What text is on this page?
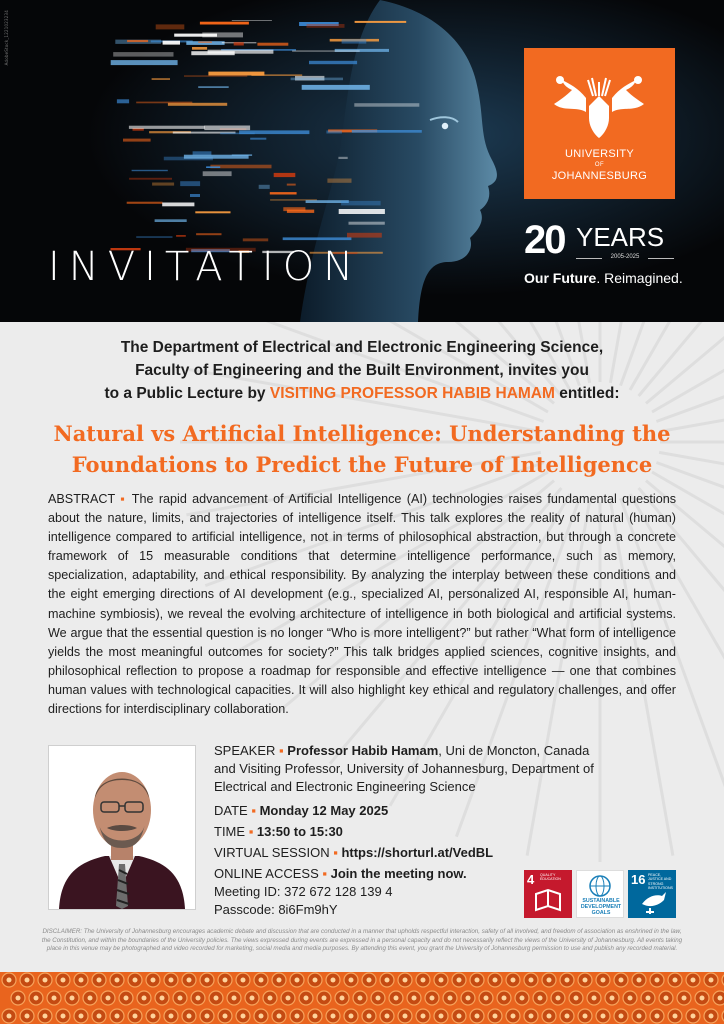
AdobeStock_1221023234
INVITATION
UNIVERSITY
OF
JOHANNESBURG
20 YEARS
2005-2025
Our Future. Reimagined.
The Department of Electrical and Electronic Engineering Science,
Faculty of Engineering and the Built Environment, invites you
to a Public Lecture by VISITING PROFESSOR HABIB HAMAM entitled:
Natural vs Artificial Intelligence: Understanding the
Foundations to Predict the Future of Intelligence
ABSTRACT ▪ The rapid advancement of Artificial Intelligence (AI) technologies raises fundamental questions about the nature, limits, and trajectories of intelligence itself. This talk explores the reality of natural (human) intelligence compared to artificial intelligence, not in terms of philosophical abstraction, but through a concrete framework of 15 measurable conditions that determine intelligence performance, such as memory, specialization, adaptability, and ethical responsibility. By analyzing the interplay between these conditions and the eight emerging directions of AI development (e.g., specialized AI, personalized AI, responsible AI, human-machine symbiosis), we reveal the evolving architecture of intelligence in both biological and artificial systems. We argue that the essential question is no longer “Who is more intelligent?” but rather “What form of intelligence yields the most meaningful outcomes for society?” This talk bridges applied sciences, cognitive insights, and philosophical reflection to propose a roadmap for responsible and effective intelligence — one that combines human values with technological capacities. It will also highlight key ethical and regulatory challenges, and offer directions for interdisciplinary collaboration.

SPEAKER ▪ Professor Habib Hamam, Uni de Moncton, Canada

and Visiting Professor, University of Johannesburg, Department of

Electrical and Electronic Engineering Science

DATE ▪ Monday 12 May 2025

TIME ▪ 13:50 to 15:30

VIRTUAL SESSION ▪ https://shorturl.at/VedBL

ONLINE ACCESS ▪ Join the meeting now.

Meeting ID: 372 672 128 139 4

Passcode: 8i6Fm9hY

4 QUALITY EDUCATION
SUSTAINABLE DEVELOPMENT GOALS
16 PEACE, JUSTICE AND STRONG INSTITUTIONS
DISCLAIMER: The University of Johannesburg encourages academic debate and discussion that are conducted in a manner that upholds respectful interaction, safety of all involved, and freedom of association as enshrined in the law, the Constitution, and within the boundaries of the University policies. The views expressed during events are expressed in a personal capacity and do not necessarily reflect the views of the University of Johannesburg. All events taking place in this venue may be photographed and video recorded for marketing, social media and media purposes. By attending this event, you grant the University of Johannesburg permission to use and publish any recorded material.
